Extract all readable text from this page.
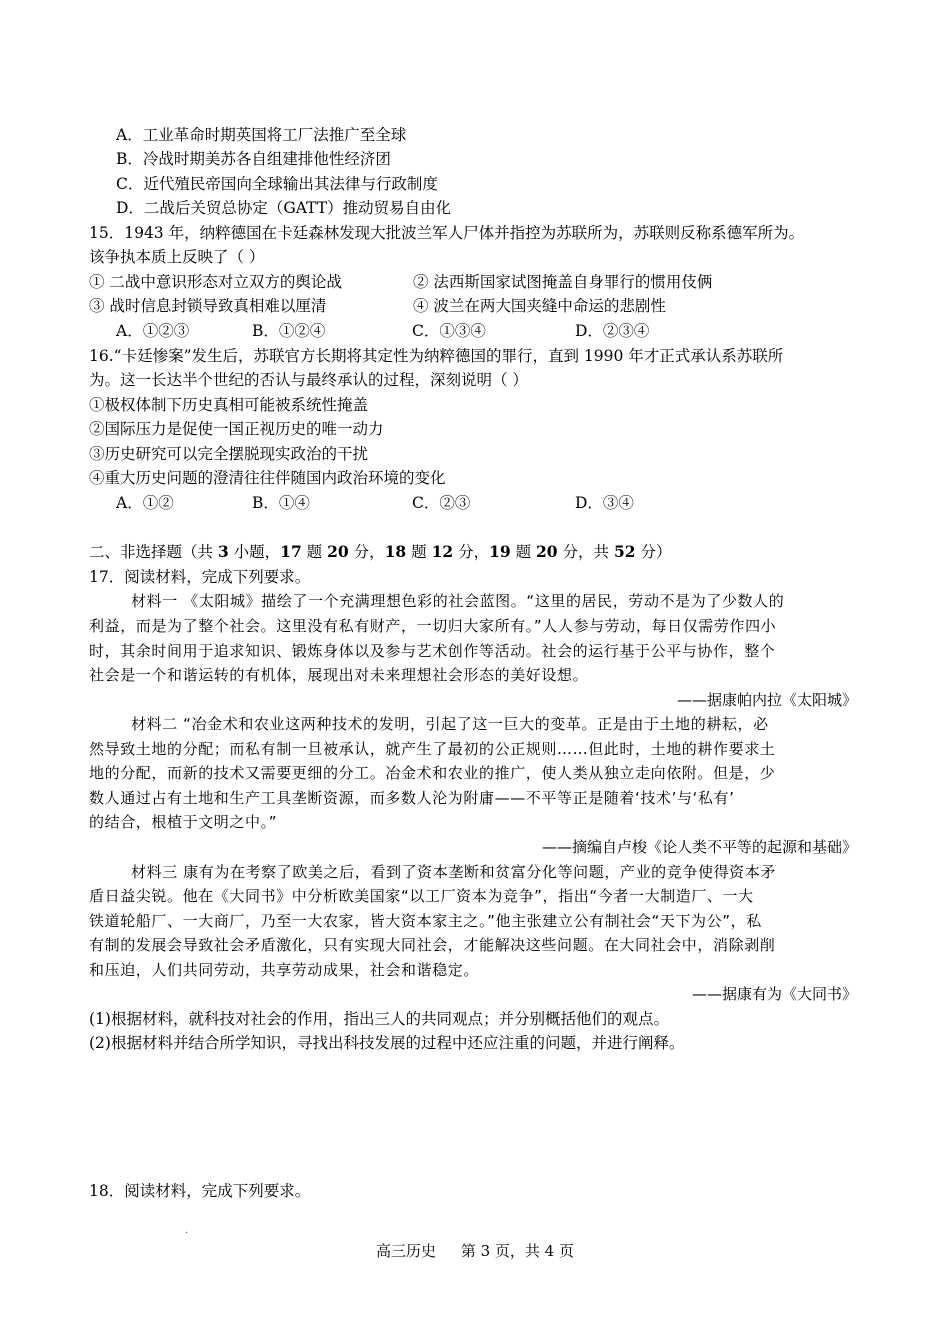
A．工业革命时期英国将工厂法推广至全球
B．冷战时期美苏各自组建排他性经济团
C．近代殖民帝国向全球输出其法律与行政制度
D．二战后关贸总协定（GATT）推动贸易自由化
15．1943 年，纳粹德国在卡廷森林发现大批波兰军人尸体并指控为苏联所为，苏联则反称系德军所为。
该争执本质上反映了（ ）
① 二战中意识形态对立双方的舆论战	② 法西斯国家试图掩盖自身罪行的惯用伎俩
③ 战时信息封锁导致真相难以厘清	④ 波兰在两大国夹缝中命运的悲剧性
A．①②③	B．①②④	C．①③④	D．②③④
16.“卡廷惨案”发生后，苏联官方长期将其定性为纳粹德国的罪行，直到 1990 年才正式承认系苏联所
为。这一长达半个世纪的否认与最终承认的过程，深刻说明（ ）
①极权体制下历史真相可能被系统性掩盖
②国际压力是促使一国正视历史的唯一动力
③历史研究可以完全摆脱现实政治的干扰
④重大历史问题的澄清往往伴随国内政治环境的变化
A．①②	B．①④	C．②③	D．③④
二、非选择题（共 3 小题，17 题 20 分，18 题 12 分，19 题 20 分，共 52 分）
17．阅读材料，完成下列要求。
材料一 《太阳城》描绘了一个充满理想色彩的社会蓝图。“这里的居民，劳动不是为了少数人的
利益，而是为了整个社会。这里没有私有财产，一切归大家所有。”人人参与劳动，每日仅需劳作四小
时，其余时间用于追求知识、锻炼身体以及参与艺术创作等活动。社会的运行基于公平与协作，整个
社会是一个和谐运转的有机体，展现出对未来理想社会形态的美好设想。
——据康帕内拉《太阳城》
材料二 “冶金术和农业这两种技术的发明，引起了这一巨大的变革。正是由于土地的耕耘，必
然导致土地的分配；而私有制一旦被承认，就产生了最初的公正规则……但此时，土地的耕作要求土
地的分配，而新的技术又需要更细的分工。冶金术和农业的推广，使人类从独立走向依附。但是，少
数人通过占有土地和生产工具垄断资源，而多数人沦为附庸——不平等正是随着‘技术’与‘私有’
的结合，根植于文明之中。”
——摘编自卢梭《论人类不平等的起源和基础》
材料三 康有为在考察了欧美之后，看到了资本垄断和贫富分化等问题，产业的竞争使得资本矛
盾日益尖锐。他在《大同书》中分析欧美国家“以工厂资本为竞争”，指出“今者一大制造厂、一大
铁道轮船厂、一大商厂，乃至一大农家，皆大资本家主之。”他主张建立公有制社会“天下为公”，私
有制的发展会导致社会矛盾激化，只有实现大同社会，才能解决这些问题。在大同社会中，消除剥削
和压迫，人们共同劳动，共享劳动成果，社会和谐稳定。
——据康有为《大同书》
(1)根据材料，就科技对社会的作用，指出三人的共同观点；并分别概括他们的观点。
(2)根据材料并结合所学知识，寻找出科技发展的过程中还应注重的问题，并进行阐释。
18．阅读材料，完成下列要求。
·
高三历史 第 3 页，共 4 页
